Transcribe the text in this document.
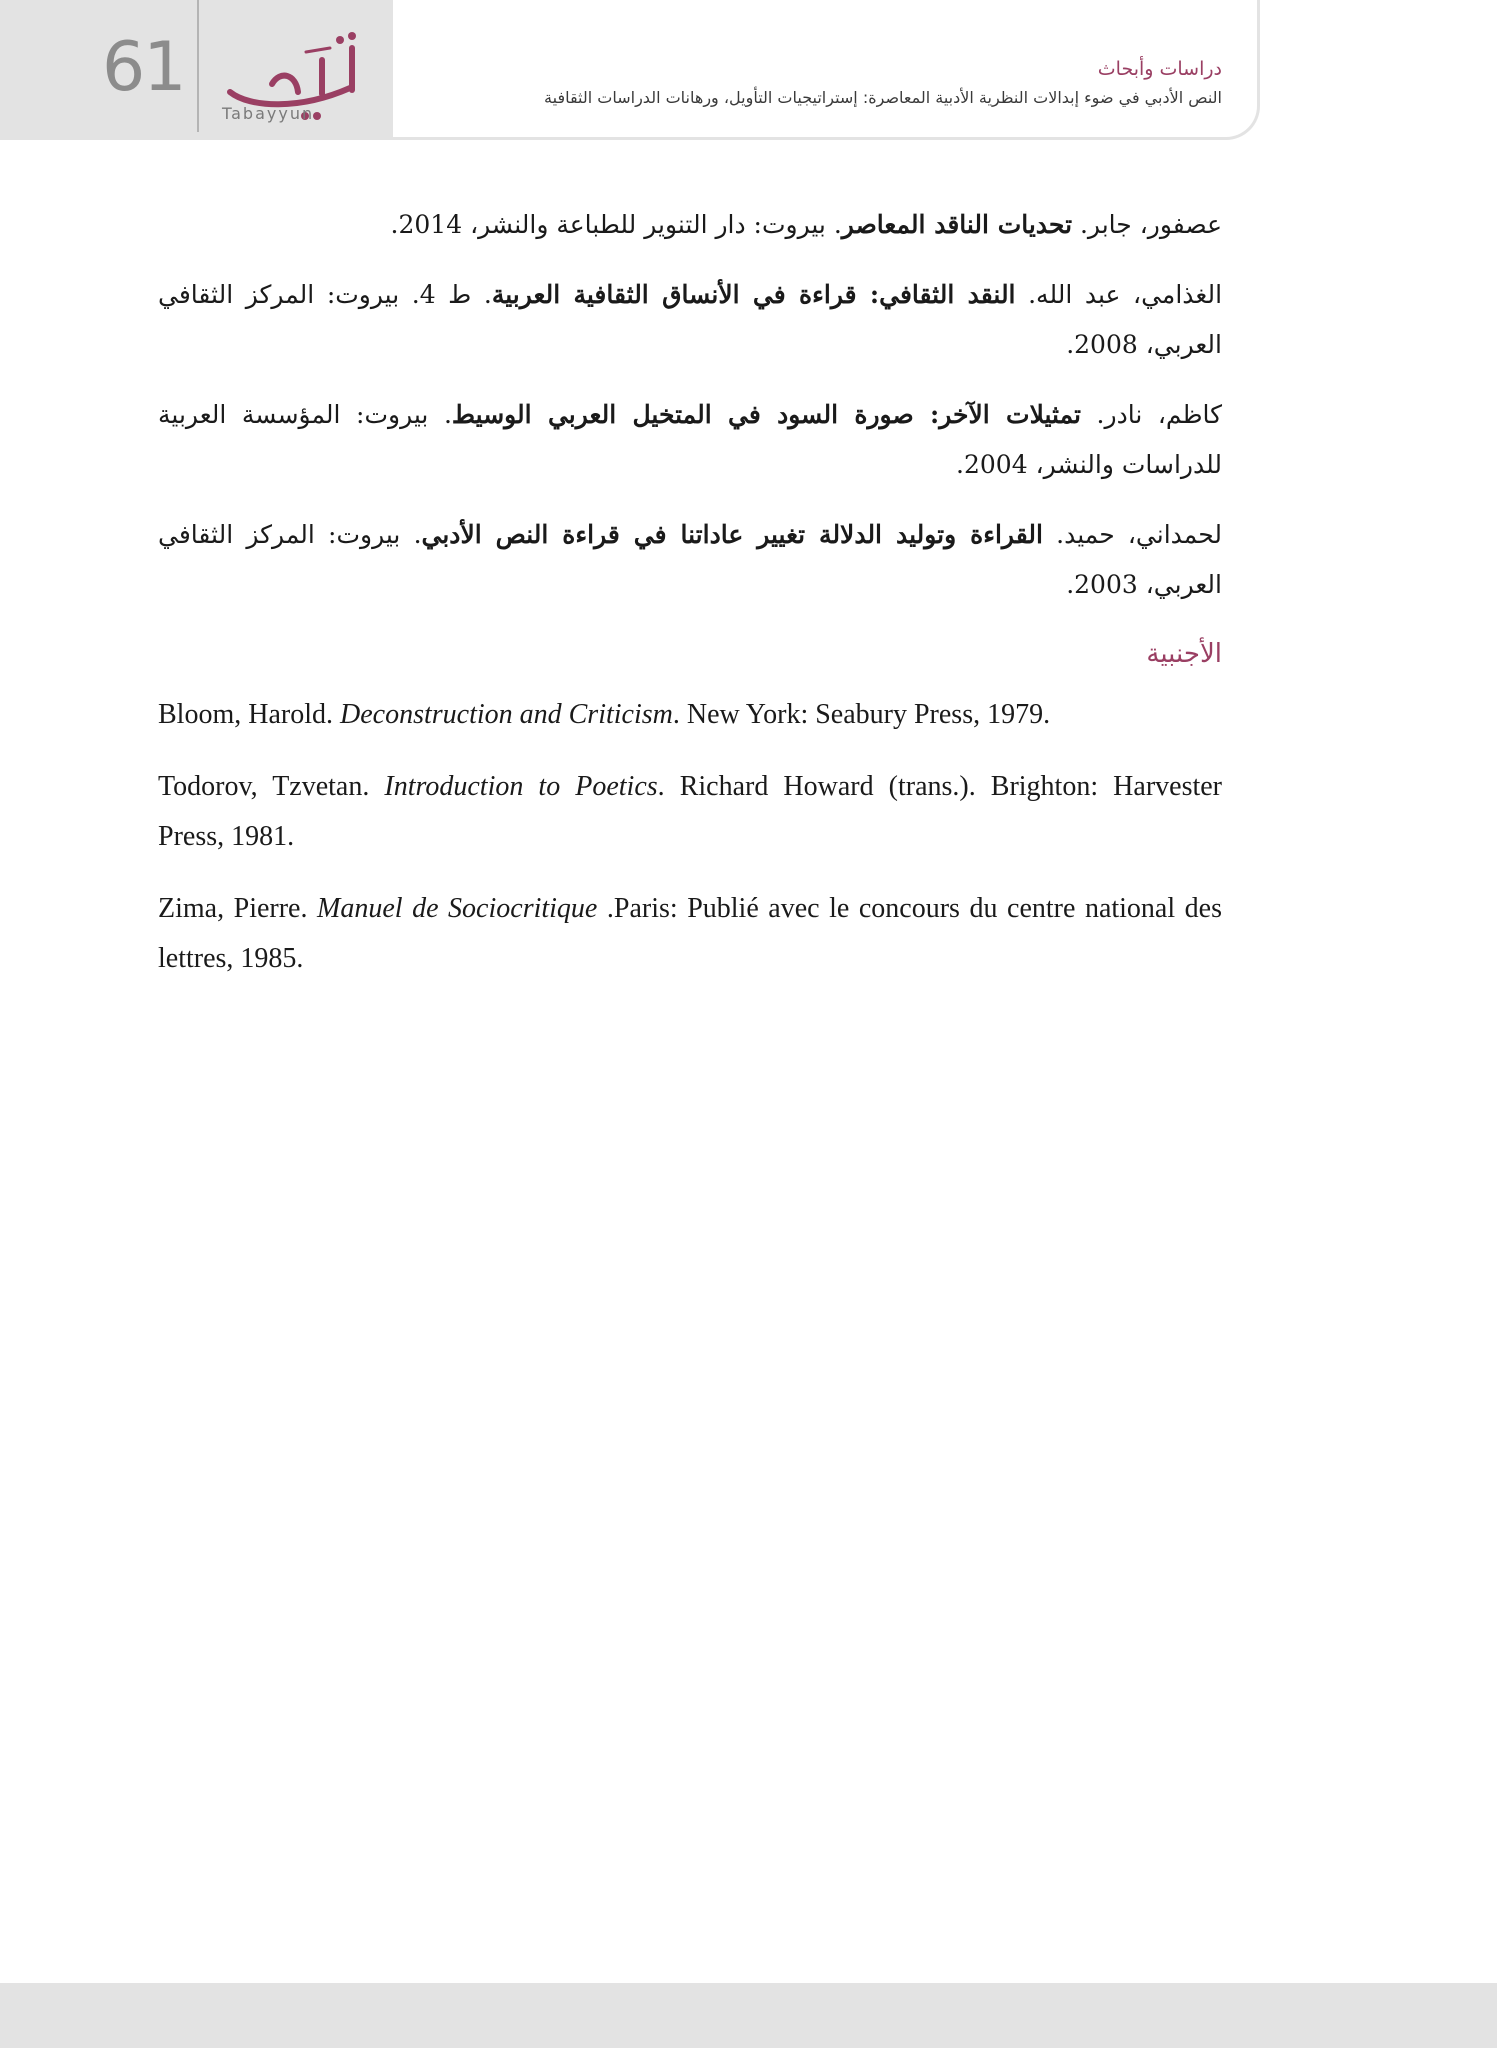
61
Tabayyun
دراسات وأبحاث
النص الأدبي في ضوء إبدالات النظرية الأدبية المعاصرة: إستراتيجيات التأويل، ورهانات الدراسات الثقافية

عصفور، جابر. تحديات الناقد المعاصر. بيروت: دار التنوير للطباعة والنشر، 2014.

الغذامي، عبد الله. النقد الثقافي: قراءة في الأنساق الثقافية العربية. ط 4. بيروت: المركز الثقافي العربي، 2008.

كاظم، نادر. تمثيلات الآخر: صورة السود في المتخيل العربي الوسيط. بيروت: المؤسسة العربية للدراسات والنشر، 2004.

لحمداني، حميد. القراءة وتوليد الدلالة تغيير عاداتنا في قراءة النص الأدبي. بيروت: المركز الثقافي العربي، 2003.

الأجنبية

Bloom, Harold. Deconstruction and Criticism. New York: Seabury Press, 1979.

Todorov, Tzvetan. Introduction to Poetics. Richard Howard (trans.). Brighton: Harvester Press, 1981.

Zima, Pierre. Manuel de Sociocritique .Paris: Publié avec le concours du centre national des lettres, 1985.
